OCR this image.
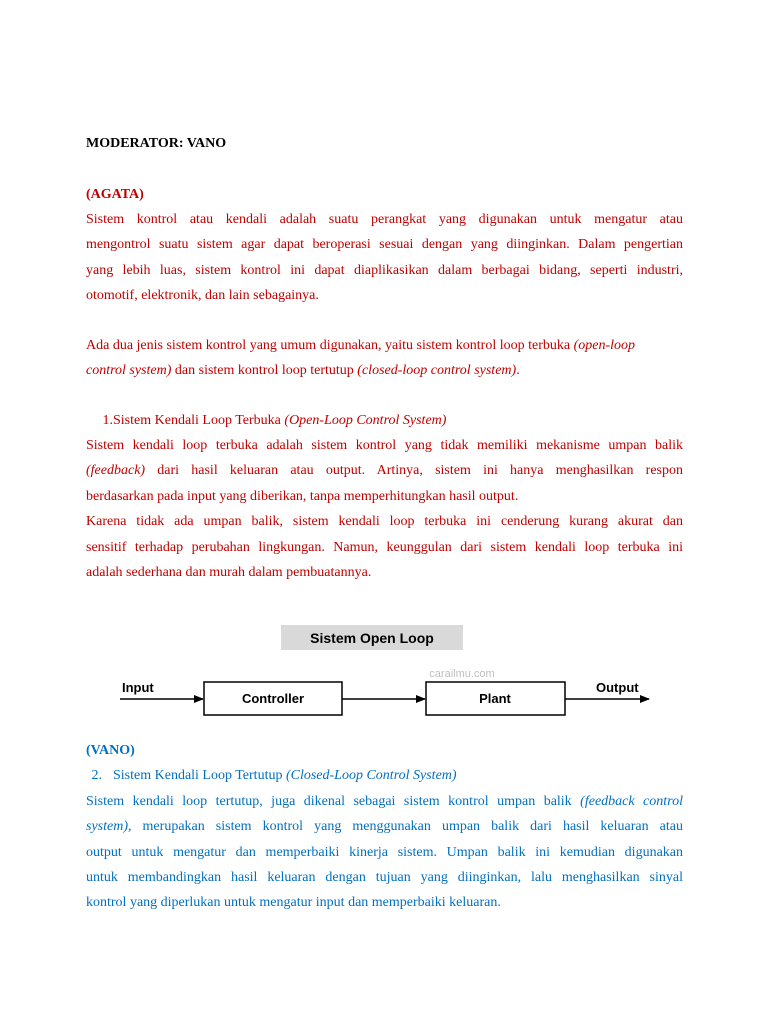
MODERATOR: VANO
(AGATA)
Sistem kontrol atau kendali adalah suatu perangkat yang digunakan untuk mengatur atau
mengontrol suatu sistem agar dapat beroperasi sesuai dengan yang diinginkan. Dalam pengertian
yang lebih luas, sistem kontrol ini dapat diaplikasikan dalam berbagai bidang, seperti industri,
otomotif, elektronik, dan lain sebagainya.
Ada dua jenis sistem kontrol yang umum digunakan, yaitu sistem kontrol loop terbuka (open-loop
control system) dan sistem kontrol loop tertutup (closed-loop control system).
1.Sistem Kendali Loop Terbuka (Open-Loop Control System)
Sistem kendali loop terbuka adalah sistem kontrol yang tidak memiliki mekanisme umpan balik
(feedback) dari hasil keluaran atau output. Artinya, sistem ini hanya menghasilkan respon
berdasarkan pada input yang diberikan, tanpa memperhitungkan hasil output.
Karena tidak ada umpan balik, sistem kendali loop terbuka ini cenderung kurang akurat dan
sensitif terhadap perubahan lingkungan. Namun, keunggulan dari sistem kendali loop terbuka ini
adalah sederhana dan murah dalam pembuatannya.
(VANO)
2. Sistem Kendali Loop Tertutup (Closed-Loop Control System)
Sistem kendali loop tertutup, juga dikenal sebagai sistem kontrol umpan balik (feedback control
system), merupakan sistem kontrol yang menggunakan umpan balik dari hasil keluaran atau
output untuk mengatur dan memperbaiki kinerja sistem. Umpan balik ini kemudian digunakan
untuk membandingkan hasil keluaran dengan tujuan yang diinginkan, lalu menghasilkan sinyal
kontrol yang diperlukan untuk mengatur input dan memperbaiki keluaran.
Sistem Open Loop
carailmu.com
Input
Controller	Plant
Output
